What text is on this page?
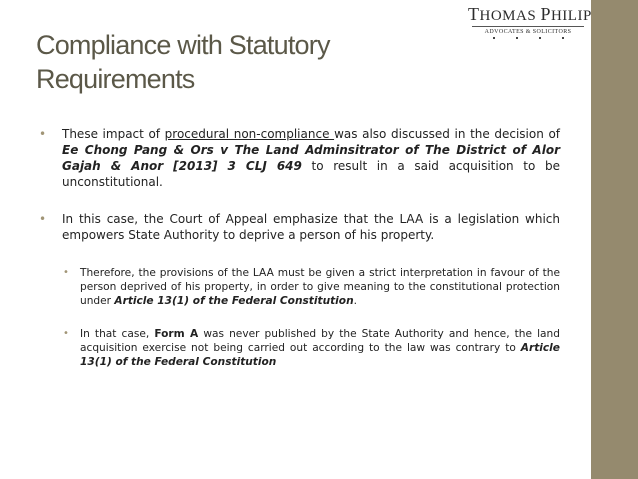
THOMAS PHILIP
ADVOCATES & SOLICITORS
Compliance with Statutory
Requirements
• These impact of procedural non-compliance was also discussed in the decision of Ee Chong Pang & Ors v The Land Adminsitrator of The District of Alor Gajah & Anor [2013] 3 CLJ 649 to result in a said acquisition to be unconstitutional.
• In this case, the Court of Appeal emphasize that the LAA is a legislation which empowers State Authority to deprive a person of his property.
• Therefore, the provisions of the LAA must be given a strict interpretation in favour of the person deprived of his property, in order to give meaning to the constitutional protection under Article 13(1) of the Federal Constitution.
• In that case, Form A was never published by the State Authority and hence, the land acquisition exercise not being carried out according to the law was contrary to Article 13(1) of the Federal Constitution
